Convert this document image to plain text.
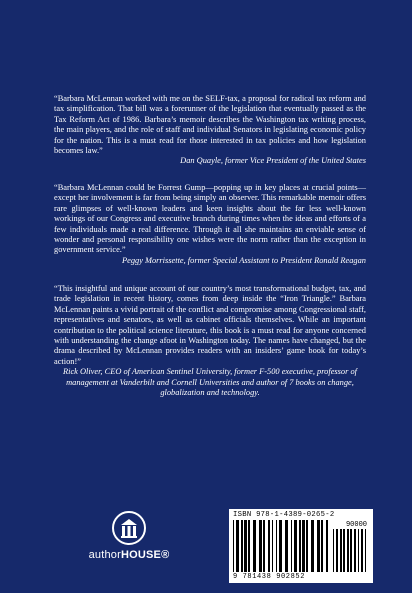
“Barbara McLennan worked with me on the SELF-tax, a proposal for radical tax reform and tax simplification. That bill was a forerunner of the legislation that eventually passed as the Tax Reform Act of 1986. Barbara’s memoir describes the Washington tax writing process, the main players, and the role of staff and individual Senators in legislating economic policy for the nation. This is a must read for those interested in tax policies and how legislation becomes law.”

Dan Quayle, former Vice President of the United States

“Barbara McLennan could be Forrest Gump—popping up in key places at crucial points—except her involvement is far from being simply an observer. This remarkable memoir offers rare glimpses of well-known leaders and keen insights about the far less well-known workings of our Congress and executive branch during times when the ideas and efforts of a few individuals made a real difference. Through it all she maintains an enviable sense of wonder and personal responsibility one wishes were the norm rather than the exception in government service.”

Peggy Morrissette, former Special Assistant to President Ronald Reagan

“This insightful and unique account of our country’s most transformational budget, tax, and trade legislation in recent history, comes from deep inside the “Iron Triangle.” Barbara McLennan paints a vivid portrait of the conflict and compromise among Congressional staff, representatives and senators, as well as cabinet officials themselves. While an important contribution to the political science literature, this book is a must read for anyone concerned with understanding the change afoot in Washington today. The names have changed, but the drama described by McLennan provides readers with an insiders’ game book for today’s action!”

Rick Oliver, CEO of American Sentinel University, former F-500 executive, professor of management at Vanderbilt and Cornell Universities and author of 7 books on change, globalization and technology.

authorHOUSE®
ISBN 978-1-4389-0265-2
90000
9 781438 902852
